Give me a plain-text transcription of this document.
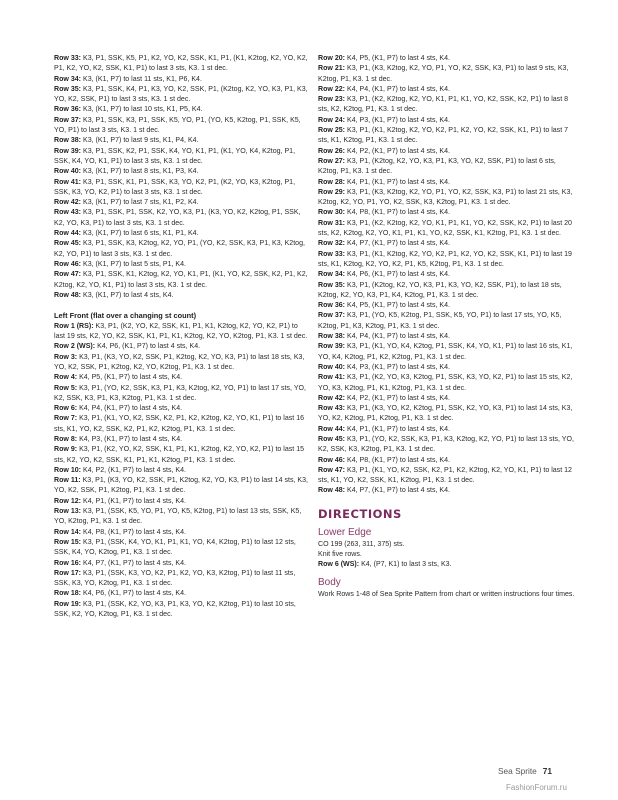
Row 33: K3, P1, SSK, K5, P1, K2, YO, K2, SSK, K1, P1, (K1, K2tog, K2, YO, K2, P1, K2, YO, K2, SSK, K1, P1) to last 3 sts, K3. 1 st dec.

Row 34: K3, (K1, P7) to last 11 sts, K1, P6, K4.

Row 35: K3, P1, SSK, K4, P1, K3, YO, K2, SSK, P1, (K2tog, K2, YO, K3, P1, K3, YO, K2, SSK, P1) to last 3 sts, K3. 1 st dec.

Row 36: K3, (K1, P7) to last 10 sts, K1, P5, K4.

Row 37: K3, P1, SSK, K3, P1, SSK, K5, YO, P1, (YO, K5, K2tog, P1, SSK, K5, YO, P1) to last 3 sts, K3. 1 st dec.

Row 38: K3, (K1, P7) to last 9 sts, K1, P4, K4.

Row 39: K3, P1, SSK, K2, P1, SSK, K4, YO, K1, P1, (K1, YO, K4, K2tog, P1, SSK, K4, YO, K1, P1) to last 3 sts, K3. 1 st dec.

Row 40: K3, (K1, P7) to last 8 sts, K1, P3, K4.

Row 41: K3, P1, SSK, K1, P1, SSK, K3, YO, K2, P1, (K2, YO, K3, K2tog, P1, SSK, K3, YO, K2, P1) to last 3 sts, K3. 1 st dec.

Row 42: K3, (K1, P7) to last 7 sts, K1, P2, K4.

Row 43: K3, P1, SSK, P1, SSK, K2, YO, K3, P1, (K3, YO, K2, K2tog, P1, SSK, K2, YO, K3, P1) to last 3 sts, K3. 1 st dec.

Row 44: K3, (K1, P7) to last 6 sts, K1, P1, K4.

Row 45: K3, P1, SSK, K3, K2tog, K2, YO, P1, (YO, K2, SSK, K3, P1, K3, K2tog, K2, YO, P1) to last 3 sts, K3. 1 st dec.

Row 46: K3, (K1, P7) to last 5 sts, P1, K4.

Row 47: K3, P1, SSK, K1, K2tog, K2, YO, K1, P1, (K1, YO, K2, SSK, K2, P1, K2, K2tog, K2, YO, K1, P1) to last 3 sts, K3. 1 st dec.

Row 48: K3, (K1, P7) to last 4 sts, K4.

Left Front (flat over a changing st count)

Row 1 (RS): K3, P1, (K2, YO, K2, SSK, K1, P1, K1, K2tog, K2, YO, K2, P1) to last 19 sts, K2, YO, K2, SSK, K1, P1, K1, K2tog, K2, YO, K2tog, P1, K3. 1 st dec.

Row 2 (WS): K4, P6, (K1, P7) to last 4 sts, K4.

Row 3: K3, P1, (K3, YO, K2, SSK, P1, K2tog, K2, YO, K3, P1) to last 18 sts, K3, YO, K2, SSK, P1, K2tog, K2, YO, K2tog, P1, K3. 1 st dec.

Row 4: K4, P5, (K1, P7) to last 4 sts, K4.

Row 5: K3, P1, (YO, K2, SSK, K3, P1, K3, K2tog, K2, YO, P1) to last 17 sts, YO, K2, SSK, K3, P1, K3, K2tog, P1, K3. 1 st dec.

Row 6: K4, P4, (K1, P7) to last 4 sts, K4.

Row 7: K3, P1, (K1, YO, K2, SSK, K2, P1, K2, K2tog, K2, YO, K1, P1) to last 16 sts, K1, YO, K2, SSK, K2, P1, K2, K2tog, P1, K3. 1 st dec.

Row 8: K4, P3, (K1, P7) to last 4 sts, K4.

Row 9: K3, P1, (K2, YO, K2, SSK, K1, P1, K1, K2tog, K2, YO, K2, P1) to last 15 sts, K2, YO, K2, SSK, K1, P1, K1, K2tog, P1, K3. 1 st dec.

Row 10: K4, P2, (K1, P7) to last 4 sts, K4.

Row 11: K3, P1, (K3, YO, K2, SSK, P1, K2tog, K2, YO, K3, P1) to last 14 sts, K3, YO, K2, SSK, P1, K2tog, P1, K3. 1 st dec.

Row 12: K4, P1, (K1, P7) to last 4 sts, K4.

Row 13: K3, P1, (SSK, K5, YO, P1, YO, K5, K2tog, P1) to last 13 sts, SSK, K5, YO, K2tog, P1, K3. 1 st dec.

Row 14: K4, P8, (K1, P7) to last 4 sts, K4.

Row 15: K3, P1, (SSK, K4, YO, K1, P1, K1, YO, K4, K2tog, P1) to last 12 sts, SSK, K4, YO, K2tog, P1, K3. 1 st dec.

Row 16: K4, P7, (K1, P7) to last 4 sts, K4.

Row 17: K3, P1, (SSK, K3, YO, K2, P1, K2, YO, K3, K2tog, P1) to last 11 sts, SSK, K3, YO, K2tog, P1, K3. 1 st dec.

Row 18: K4, P6, (K1, P7) to last 4 sts, K4.

Row 19: K3, P1, (SSK, K2, YO, K3, P1, K3, YO, K2, K2tog, P1) to last 10 sts, SSK, K2, YO, K2tog, P1, K3. 1 st dec.

Row 20: K4, P5, (K1, P7) to last 4 sts, K4.

Row 21: K3, P1, (K3, K2tog, K2, YO, P1, YO, K2, SSK, K3, P1) to last 9 sts, K3, K2tog, P1, K3. 1 st dec.

Row 22: K4, P4, (K1, P7) to last 4 sts, K4.

Row 23: K3, P1, (K2, K2tog, K2, YO, K1, P1, K1, YO, K2, SSK, K2, P1) to last 8 sts, K2, K2tog, P1, K3. 1 st dec.

Row 24: K4, P3, (K1, P7) to last 4 sts, K4.

Row 25: K3, P1, (K1, K2tog, K2, YO, K2, P1, K2, YO, K2, SSK, K1, P1) to last 7 sts, K1, K2tog, P1, K3. 1 st dec.

Row 26: K4, P2, (K1, P7) to last 4 sts, K4.

Row 27: K3, P1, (K2tog, K2, YO, K3, P1, K3, YO, K2, SSK, P1) to last 6 sts, K2tog, P1, K3. 1 st dec.

Row 28: K4, P1, (K1, P7) to last 4 sts, K4.

Row 29: K3, P1, (K3, K2tog, K2, YO, P1, YO, K2, SSK, K3, P1) to last 21 sts, K3, K2tog, K2, YO, P1, YO, K2, SSK, K3, K2tog, P1, K3. 1 st dec.

Row 30: K4, P8, (K1, P7) to last 4 sts, K4.

Row 31: K3, P1, (K2, K2tog, K2, YO, K1, P1, K1, YO, K2, SSK, K2, P1) to last 20 sts, K2, K2tog, K2, YO, K1, P1, K1, YO, K2, SSK, K1, K2tog, P1, K3. 1 st dec.

Row 32: K4, P7, (K1, P7) to last 4 sts, K4.

Row 33: K3, P1, (K1, K2tog, K2, YO, K2, P1, K2, YO, K2, SSK, K1, P1) to last 19 sts, K1, K2tog, K2, YO, K2, P1, K5, K2tog, P1, K3. 1 st dec.

Row 34: K4, P6, (K1, P7) to last 4 sts, K4.

Row 35: K3, P1, (K2tog, K2, YO, K3, P1, K3, YO, K2, SSK, P1), to last 18 sts, K2tog, K2, YO, K3, P1, K4, K2tog, P1, K3. 1 st dec.

Row 36: K4, P5, (K1, P7) to last 4 sts, K4.

Row 37: K3, P1, (YO, K5, K2tog, P1, SSK, K5, YO, P1) to last 17 sts, YO, K5, K2tog, P1, K3, K2tog, P1, K3. 1 st dec.

Row 38: K4, P4, (K1, P7) to last 4 sts, K4.

Row 39: K3, P1, (K1, YO, K4, K2tog, P1, SSK, K4, YO, K1, P1) to last 16 sts, K1, YO, K4, K2tog, P1, K2, K2tog, P1, K3. 1 st dec.

Row 40: K4, P3, (K1, P7) to last 4 sts, K4.

Row 41: K3, P1, (K2, YO, K3, K2tog, P1, SSK, K3, YO, K2, P1) to last 15 sts, K2, YO, K3, K2tog, P1, K1, K2tog, P1, K3. 1 st dec.

Row 42: K4, P2, (K1, P7) to last 4 sts, K4.

Row 43: K3, P1, (K3, YO, K2, K2tog, P1, SSK, K2, YO, K3, P1) to last 14 sts, K3, YO, K2, K2tog, P1, K2tog, P1, K3. 1 st dec.

Row 44: K4, P1, (K1, P7) to last 4 sts, K4.

Row 45: K3, P1, (YO, K2, SSK, K3, P1, K3, K2tog, K2, YO, P1) to last 13 sts, YO, K2, SSK, K3, K2tog, P1, K3. 1 st dec.

Row 46: K4, P8, (K1, P7) to last 4 sts, K4.

Row 47: K3, P1, (K1, YO, K2, SSK, K2, P1, K2, K2tog, K2, YO, K1, P1) to last 12 sts, K1, YO, K2, SSK, K1, K2tog, P1, K3. 1 st dec.

Row 48: K4, P7, (K1, P7) to last 4 sts, K4.

DIRECTIONS
Lower Edge

CO 199 (263, 311, 375) sts.

Knit five rows.

Row 6 (WS): K4, (P7, K1) to last 3 sts, K3.

Body

Work Rows 1-48 of Sea Sprite Pattern from chart or written instructions four times.

Sea Sprite 71
FashionForum.ru
